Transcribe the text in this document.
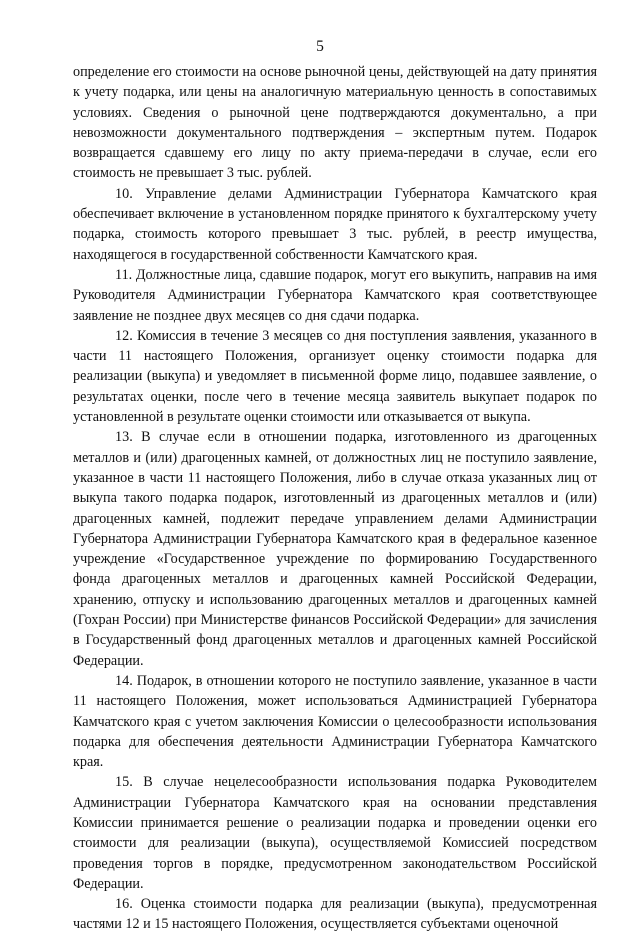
5

определение его стоимости на основе рыночной цены, действующей на дату принятия к учету подарка, или цены на аналогичную материальную ценность в сопоставимых условиях. Сведения о рыночной цене подтверждаются документально, а при невозможности документального подтверждения – экспертным путем. Подарок возвращается сдавшему его лицу по акту приема-передачи в случае, если его стоимость не превышает 3 тыс. рублей.

10. Управление делами Администрации Губернатора Камчатского края обеспечивает включение в установленном порядке принятого к бухгалтерскому учету подарка, стоимость которого превышает 3 тыс. рублей, в реестр имущества, находящегося в государственной собственности Камчатского края.

11. Должностные лица, сдавшие подарок, могут его выкупить, направив на имя Руководителя Администрации Губернатора Камчатского края соответствующее заявление не позднее двух месяцев со дня сдачи подарка.

12. Комиссия в течение 3 месяцев со дня поступления заявления, указанного в части 11 настоящего Положения, организует оценку стоимости подарка для реализации (выкупа) и уведомляет в письменной форме лицо, подавшее заявление, о результатах оценки, после чего в течение месяца заявитель выкупает подарок по установленной в результате оценки стоимости или отказывается от выкупа.

13. В случае если в отношении подарка, изготовленного из драгоценных металлов и (или) драгоценных камней, от должностных лиц не поступило заявление, указанное в части 11 настоящего Положения, либо в случае отказа указанных лиц от выкупа такого подарка подарок, изготовленный из драгоценных металлов и (или) драгоценных камней, подлежит передаче управлением делами Администрации Губернатора Администрации Губернатора Камчатского края в федеральное казенное учреждение «Государственное учреждение по формированию Государственного фонда драгоценных металлов и драгоценных камней Российской Федерации, хранению, отпуску и использованию драгоценных металлов и драгоценных камней (Гохран России) при Министерстве финансов Российской Федерации» для зачисления в Государственный фонд драгоценных металлов и драгоценных камней Российской Федерации.

14. Подарок, в отношении которого не поступило заявление, указанное в части 11 настоящего Положения, может использоваться Администрацией Губернатора Камчатского края с учетом заключения Комиссии о целесообразности использования подарка для обеспечения деятельности Администрации Губернатора Камчатского края.

15. В случае нецелесообразности использования подарка Руководителем Администрации Губернатора Камчатского края на основании представления Комиссии принимается решение о реализации подарка и проведении оценки его стоимости для реализации (выкупа), осуществляемой Комиссией посредством проведения торгов в порядке, предусмотренном законодательством Российской Федерации.

16. Оценка стоимости подарка для реализации (выкупа), предусмотренная частями 12 и 15 настоящего Положения, осуществляется субъектами оценочной
